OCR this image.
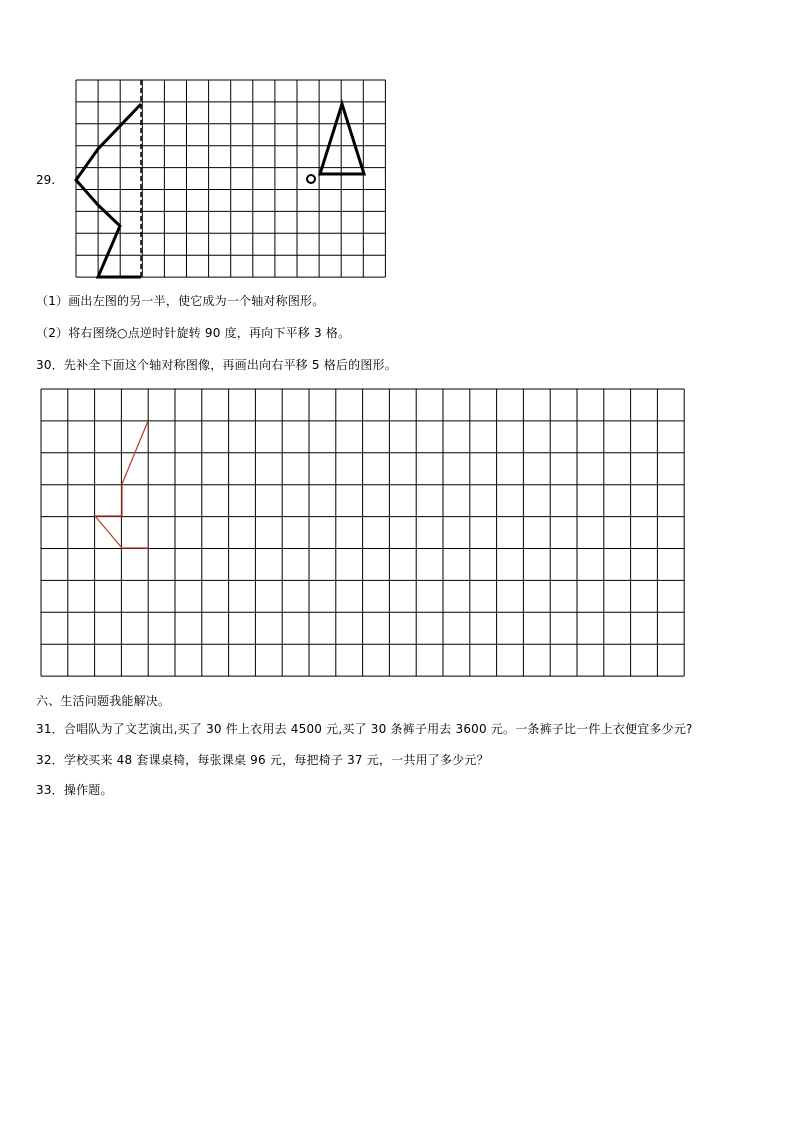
29.
（1）画出左图的另一半，使它成为一个轴对称图形。
（2）将右图绕○点逆时针旋转 90 度，再向下平移 3 格。
30．先补全下面这个轴对称图像，再画出向右平移 5 格后的图形。
六、生活问题我能解决。
31．合唱队为了文艺演出,买了 30 件上衣用去 4500 元,买了 30 条裤子用去 3600 元。一条裤子比一件上衣便宜多少元?
32．学校买来 48 套课桌椅，每张课桌 96 元，每把椅子 37 元，一共用了多少元？
33．操作题。
